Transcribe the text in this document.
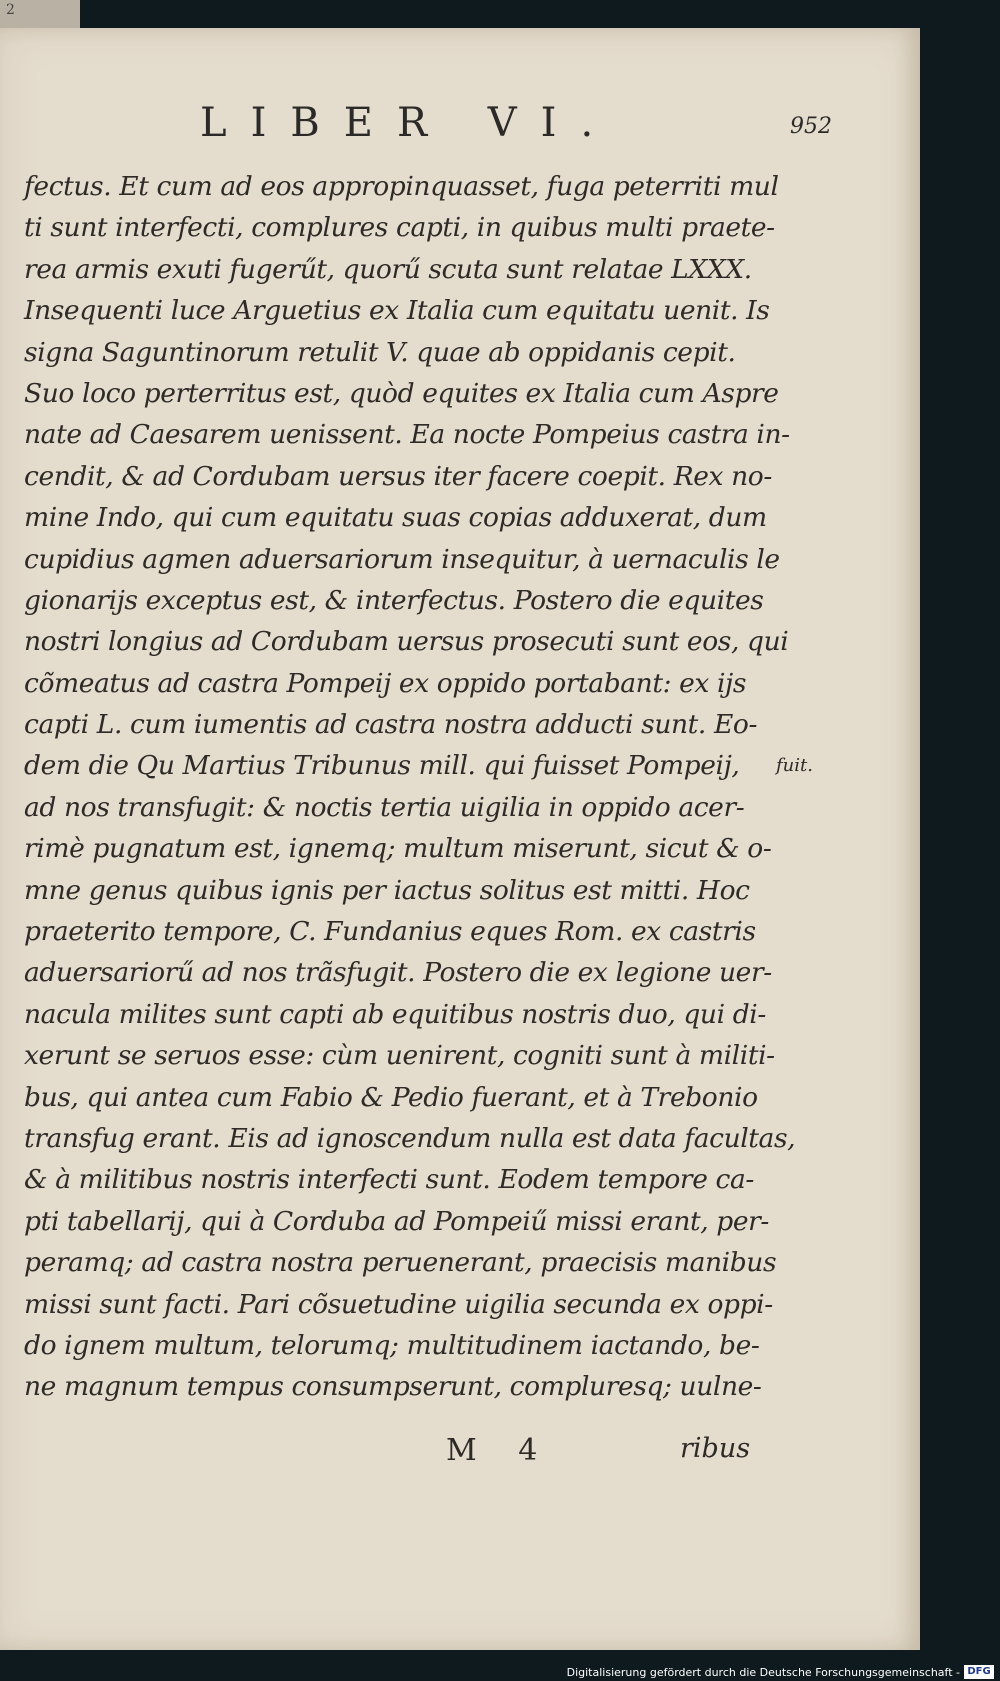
2
LIBER VI.	952
fectus. Et cum ad eos appropinquasset, fuga peterriti mul
ti sunt interfecti, complures capti, in quibus multi praete-
rea armis exuti fugerűt, quorű scuta sunt relatae LXXX.
Insequenti luce Arguetius ex Italia cum equitatu uenit. Is
signa Saguntinorum retulit V. quae ab oppidanis cepit.
Suo loco perterritus est, quòd equites ex Italia cum Aspre
nate ad Caesarem uenissent. Ea nocte Pompeius castra in-
cendit, & ad Cordubam uersus iter facere coepit. Rex no-
mine Indo, qui cum equitatu suas copias adduxerat, dum
cupidius agmen aduersariorum insequitur, à uernaculis le
gionarijs exceptus est, & interfectus. Postero die equites
nostri longius ad Cordubam uersus prosecuti sunt eos, qui
cõmeatus ad castra Pompeij ex oppido portabant: ex ijs
capti L. cum iumentis ad castra nostra adducti sunt. Eo-
dem die Qu Martius Tribunus mill. qui fuisset Pompeij,
ad nos transfugit: & noctis tertia uigilia in oppido acer-
rimè pugnatum est, ignemq; multum miserunt, sicut & o-
mne genus quibus ignis per iactus solitus est mitti. Hoc
praeterito tempore, C. Fundanius eques Rom. ex castris
aduersariorű ad nos trãsfugit. Postero die ex legione uer-
nacula milites sunt capti ab equitibus nostris duo, qui di-
xerunt se seruos esse: cùm uenirent, cogniti sunt à militi-
bus, qui antea cum Fabio & Pedio fuerant, et à Trebonio
transfug erant. Eis ad ignoscendum nulla est data facultas,
& à militibus nostris interfecti sunt. Eodem tempore ca-
pti tabellarij, qui à Corduba ad Pompeiű missi erant, per-
peramq; ad castra nostra peruenerant, praecisis manibus
missi sunt facti. Pari cõsuetudine uigilia secunda ex oppi-
do ignem multum, telorumq; multitudinem iactando, be-
ne magnum tempus consumpserunt, compluresq; uulne-
fuit.
M 4	ribus
Digitalisierung gefördert durch die Deutsche Forschungsgemeinschaft - DFG
